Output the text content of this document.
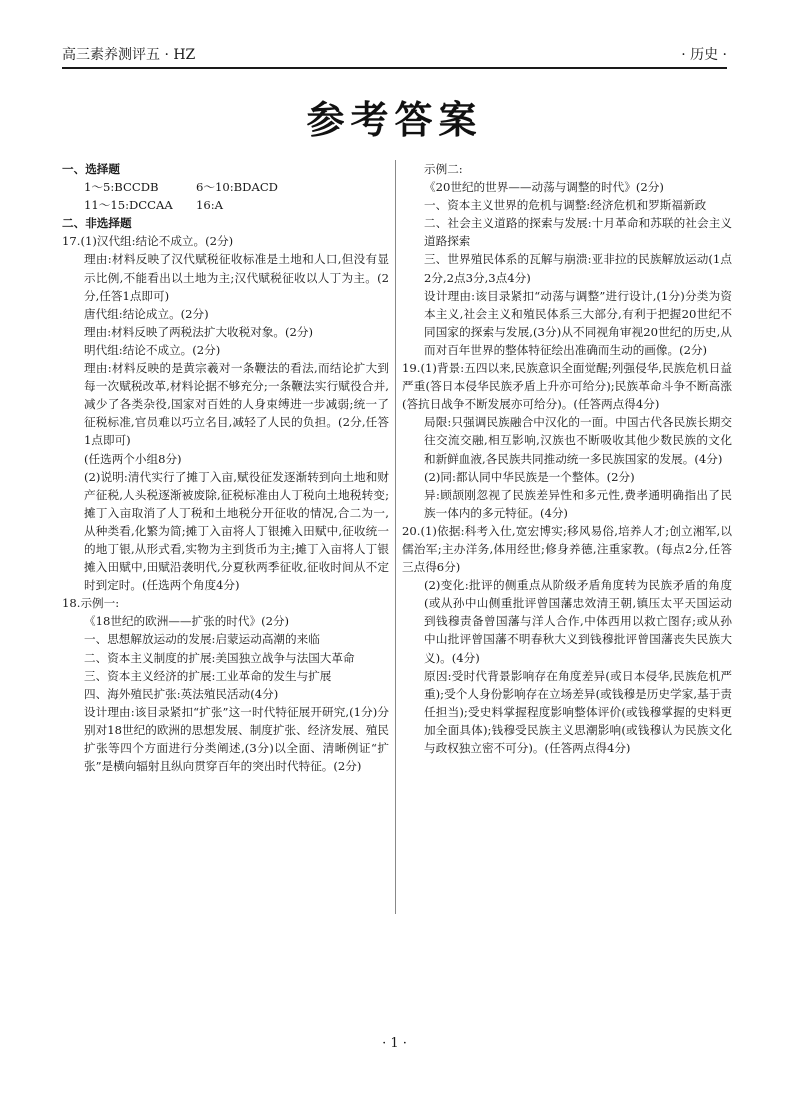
高三素养测评五 · HZ	· 历史 ·
参考答案

一、选择题

1～5:BCCDB	6～10:BDACD

11～15:DCCAA 16:A

二、非选择题

17.(1)汉代组:结论不成立。(2分)

理由:材料反映了汉代赋税征收标准是土地和人口,但没有显示比例,不能看出以土地为主;汉代赋税征收以人丁为主。(2分,任答1点即可)

唐代组:结论成立。(2分)

理由:材料反映了两税法扩大收税对象。(2分)

明代组:结论不成立。(2分)

理由:材料反映的是黄宗羲对一条鞭法的看法,而结论扩大到每一次赋税改革,材料论据不够充分;一条鞭法实行赋役合并,减少了各类杂役,国家对百姓的人身束缚进一步减弱;统一了征税标准,官员难以巧立名目,减轻了人民的负担。(2分,任答1点即可)

(任选两个小组8分)

(2)说明:清代实行了摊丁入亩,赋役征发逐渐转到向土地和财产征税,人头税逐渐被废除,征税标准由人丁税向土地税转变;摊丁入亩取消了人丁税和土地税分开征收的情况,合二为一,从种类看,化繁为简;摊丁入亩将人丁银摊入田赋中,征收统一的地丁银,从形式看,实物为主到货币为主;摊丁入亩将人丁银摊入田赋中,田赋沿袭明代,分夏秋两季征收,征收时间从不定时到定时。(任选两个角度4分)

18.示例一:

《18世纪的欧洲——扩张的时代》(2分)

一、思想解放运动的发展:启蒙运动高潮的来临

二、资本主义制度的扩展:美国独立战争与法国大革命

三、资本主义经济的扩展:工业革命的发生与扩展

四、海外殖民扩张:英法殖民活动(4分)

设计理由:该目录紧扣“扩张”这一时代特征展开研究,(1分)分别对18世纪的欧洲的思想发展、制度扩张、经济发展、殖民扩张等四个方面进行分类阐述,(3分)以全面、清晰例证“扩张”是横向辐射且纵向贯穿百年的突出时代特征。(2分)

示例二:

《20世纪的世界——动荡与调整的时代》(2分)

一、资本主义世界的危机与调整:经济危机和罗斯福新政

二、社会主义道路的探索与发展:十月革命和苏联的社会主义道路探索

三、世界殖民体系的瓦解与崩溃:亚非拉的民族解放运动(1点2分,2点3分,3点4分)

设计理由:该目录紧扣“动荡与调整”进行设计,(1分)分类为资本主义,社会主义和殖民体系三大部分,有利于把握20世纪不同国家的探索与发展,(3分)从不同视角审视20世纪的历史,从而对百年世界的整体特征绘出准确而生动的画像。(2分)

19.(1)背景:五四以来,民族意识全面觉醒;列强侵华,民族危机日益严重(答日本侵华民族矛盾上升亦可给分);民族革命斗争不断高涨(答抗日战争不断发展亦可给分)。(任答两点得4分)

局限:只强调民族融合中汉化的一面。中国古代各民族长期交往交流交融,相互影响,汉族也不断吸收其他少数民族的文化和新鲜血液,各民族共同推动统一多民族国家的发展。(4分)

(2)同:都认同中华民族是一个整体。(2分)

异:顾颉刚忽视了民族差异性和多元性,费孝通明确指出了民族一体内的多元特征。(4分)

20.(1)依据:科考入仕,宽宏博实;移风易俗,培养人才;创立湘军,以儒治军;主办洋务,体用经世;修身养德,注重家教。(每点2分,任答三点得6分)

(2)变化:批评的侧重点从阶级矛盾角度转为民族矛盾的角度(或从孙中山侧重批评曾国藩忠效清王朝,镇压太平天国运动到钱穆责备曾国藩与洋人合作,中体西用以救亡图存;或从孙中山批评曾国藩不明春秋大义到钱穆批评曾国藩丧失民族大义)。(4分)

原因:受时代背景影响存在角度差异(或日本侵华,民族危机严重);受个人身份影响存在立场差异(或钱穆是历史学家,基于责任担当);受史料掌握程度影响整体评价(或钱穆掌握的史料更加全面具体);钱穆受民族主义思潮影响(或钱穆认为民族文化与政权独立密不可分)。(任答两点得4分)

· 1 ·
